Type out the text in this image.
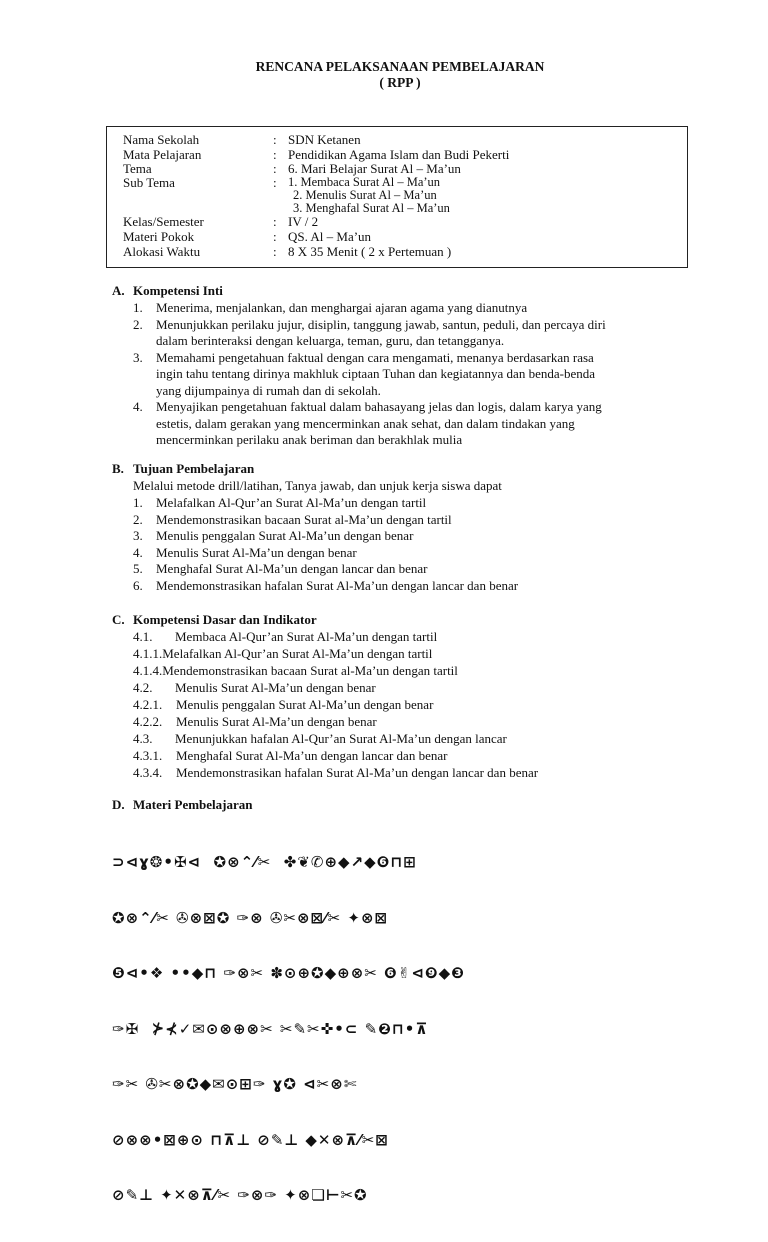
RENCANA PELAKSANAAN PEMBELAJARAN
( RPP )
Nama Sekolah	: SDN Ketanen
Mata Pelajaran	: Pendidikan Agama Islam dan Budi Pekerti
Tema	: 6. Mari Belajar Surat Al – Ma’un
Sub Tema	: 1. Membaca Surat Al – Ma’un
2. Menulis Surat Al – Ma’un
3. Menghafal Surat Al – Ma’un
Kelas/Semester	: IV / 2
Materi Pokok	: QS. Al – Ma’un
Alokasi Waktu	: 8 X 35 Menit ( 2 x Pertemuan )
A. Kompetensi Inti
1. Menerima, menjalankan, dan menghargai ajaran agama yang dianutnya
2. Menunjukkan perilaku jujur, disiplin, tanggung jawab, santun, peduli, dan percaya diri
dalam berinteraksi dengan keluarga, teman, guru, dan tetangganya.
3. Memahami pengetahuan faktual dengan cara mengamati, menanya berdasarkan rasa
ingin tahu tentang dirinya makhluk ciptaan Tuhan dan kegiatannya dan benda-benda
yang dijumpainya di rumah dan di sekolah.
4. Menyajikan pengetahuan faktual dalam bahasayang jelas dan logis, dalam karya yang
estetis, dalam gerakan yang mencerminkan anak sehat, dan dalam tindakan yang
mencerminkan perilaku anak beriman dan berakhlak mulia
B. Tujuan Pembelajaran
Melalui metode drill/latihan, Tanya jawab, dan unjuk kerja siswa dapat
1. Melafalkan Al-Qur’an Surat Al-Ma’un dengan tartil
2. Mendemonstrasikan bacaan Surat al-Ma’un dengan tartil
3. Menulis penggalan Surat Al-Ma’un dengan benar
4. Menulis Surat Al-Ma’un dengan benar
5. Menghafal Surat Al-Ma’un dengan lancar dan benar
6. Mendemonstrasikan hafalan Surat Al-Ma’un dengan lancar dan benar
C. Kompetensi Dasar dan Indikator
4.1. Membaca Al-Qur’an Surat Al-Ma’un dengan tartil
4.1.1.Melafalkan Al-Qur’an Surat Al-Ma’un dengan tartil
4.1.4.Mendemonstrasikan bacaan Surat al-Ma’un dengan tartil
4.2. Menulis Surat Al-Ma’un dengan benar
4.2.1. Menulis penggalan Surat Al-Ma’un dengan benar
4.2.2. Menulis Surat Al-Ma’un dengan benar
4.3. Menunjukkan hafalan Al-Qur’an Surat Al-Ma’un dengan lancar
4.3.1. Menghafal Surat Al-Ma’un dengan lancar dan benar
4.3.4. Mendemonstrasikan hafalan Surat Al-Ma’un dengan lancar dan benar
D. Materi Pembelajaran

⊃⊲ɣ❂•✠⊲  ✪⊗⌃⁄✂  ✤❦✆⊕◆↗◆❻⊓⊞

✪⊗⌃⁄✂ ✇⊗⊠✪ ✑⊗ ✇✂⊗⊠⁄✂ ✦⊗⊠

❺⊲•❖ ••◆⊓ ✑⊗✂ ✽⊙⊕✪◆⊕⊗✂ ❻✌⊲❾◆❸

✑✠  ⊁⊀✓✉⊙⊗⊕⊗✂ ✂✎✂✜•⊂ ✎❷⊓•⊼

✑✂ ✇✂⊗✪◆✉⊙⊞✑ ɣ✪ ⊲✂⊗✄

⊘⊗⊗•⊠⊕⊙ ⊓⊼⊥ ⊘✎⊥ ◆✕⊗⊼⁄✂⊠

⊘✎⊥ ✦✕⊗⊼⁄✂ ✑⊗✑ ✦⊗❏⊢✂✪
